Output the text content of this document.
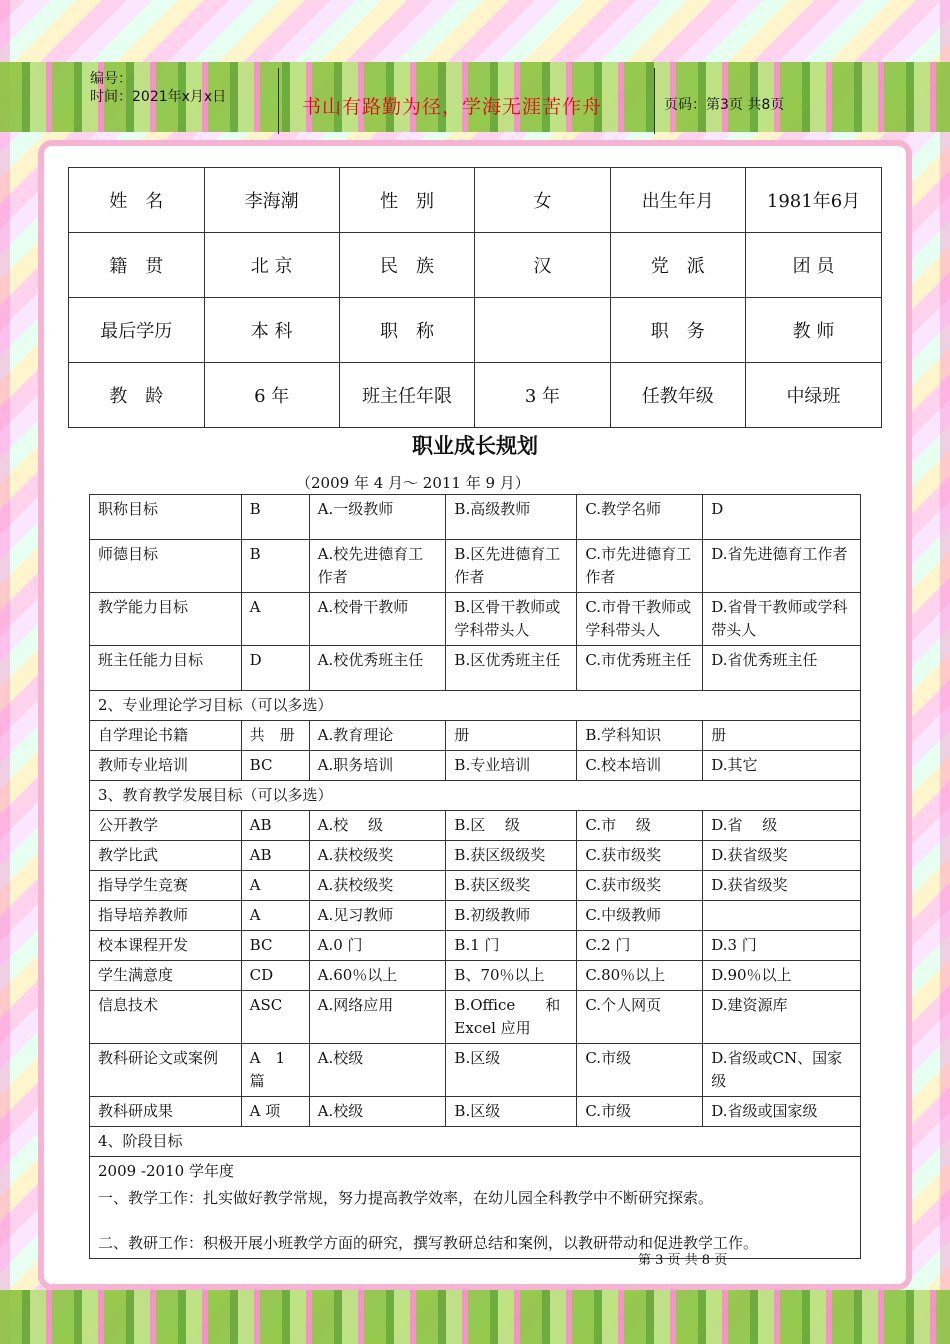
编号：
时间：2021年x月x日	书山有路勤为径，学海无涯苦作舟	页码：第3页 共8页
姓　名	李海潮	性　别	女	出生年月	1981年6月
籍　贯	北 京	民　族	汉	党　派	团 员
最后学历	本 科	职　称		职　务	教 师
教　龄	6 年	班主任年限	3 年	任教年级	中绿班
职业成长规划
（2009 年 4 月～ 2011 年 9 月）
职称目标	B	A.一级教师	B.高级教师	C.教学名师	D
师德目标	B	A.校先进德育工作者	B.区先进德育工作者	C.市先进德育工作者	D.省先进德育工作者
教学能力目标	A	A.校骨干教师	B.区骨干教师或学科带头人	C.市骨干教师或学科带头人	D.省骨干教师或学科带头人
班主任能力目标	D	A.校优秀班主任	B.区优秀班主任	C.市优秀班主任	D.省优秀班主任
2、专业理论学习目标（可以多选）					
自学理论书籍	共　册	A.教育理论	册	B.学科知识	册
教师专业培训	BC	A.职务培训	B.专业培训	C.校本培训	D.其它
3、教育教学发展目标（可以多选）					
公开教学	AB	A.校　 级	B.区　 级	C.市　 级	D.省　 级
教学比武	AB	A.获校级奖	B.获区级级奖	C.获市级奖	D.获省级奖
指导学生竞赛	A	A.获校级奖	B.获区级奖	C.获市级奖	D.获省级奖
指导培养教师	A	A.见习教师	B.初级教师	C.中级教师	
校本课程开发	BC	A.0 门	B.1 门	C.2 门	D.3 门
学生满意度	CD	A.60％以上	B、70％以上	C.80％以上	D.90％以上
信息技术	ASC	A.网络应用	B.Office　　和 Excel 应用	C.个人网页	D.建资源库
教科研论文或案例	A　1 篇	A.校级	B.区级	C.市级	D.省级或CN、国家级
教科研成果	A 项	A.校级	B.区级	C.市级	D.省级或国家级
4、阶段目标					

2009 -2010 学年度
一、教学工作：扎实做好教学常规，努力提高教学效率，在幼儿园全科教学中不断研究探索。
二、教研工作：积极开展小班教学方面的研究，撰写教研总结和案例，以教研带动和促进教学工作。					
第 3 页 共 8 页
